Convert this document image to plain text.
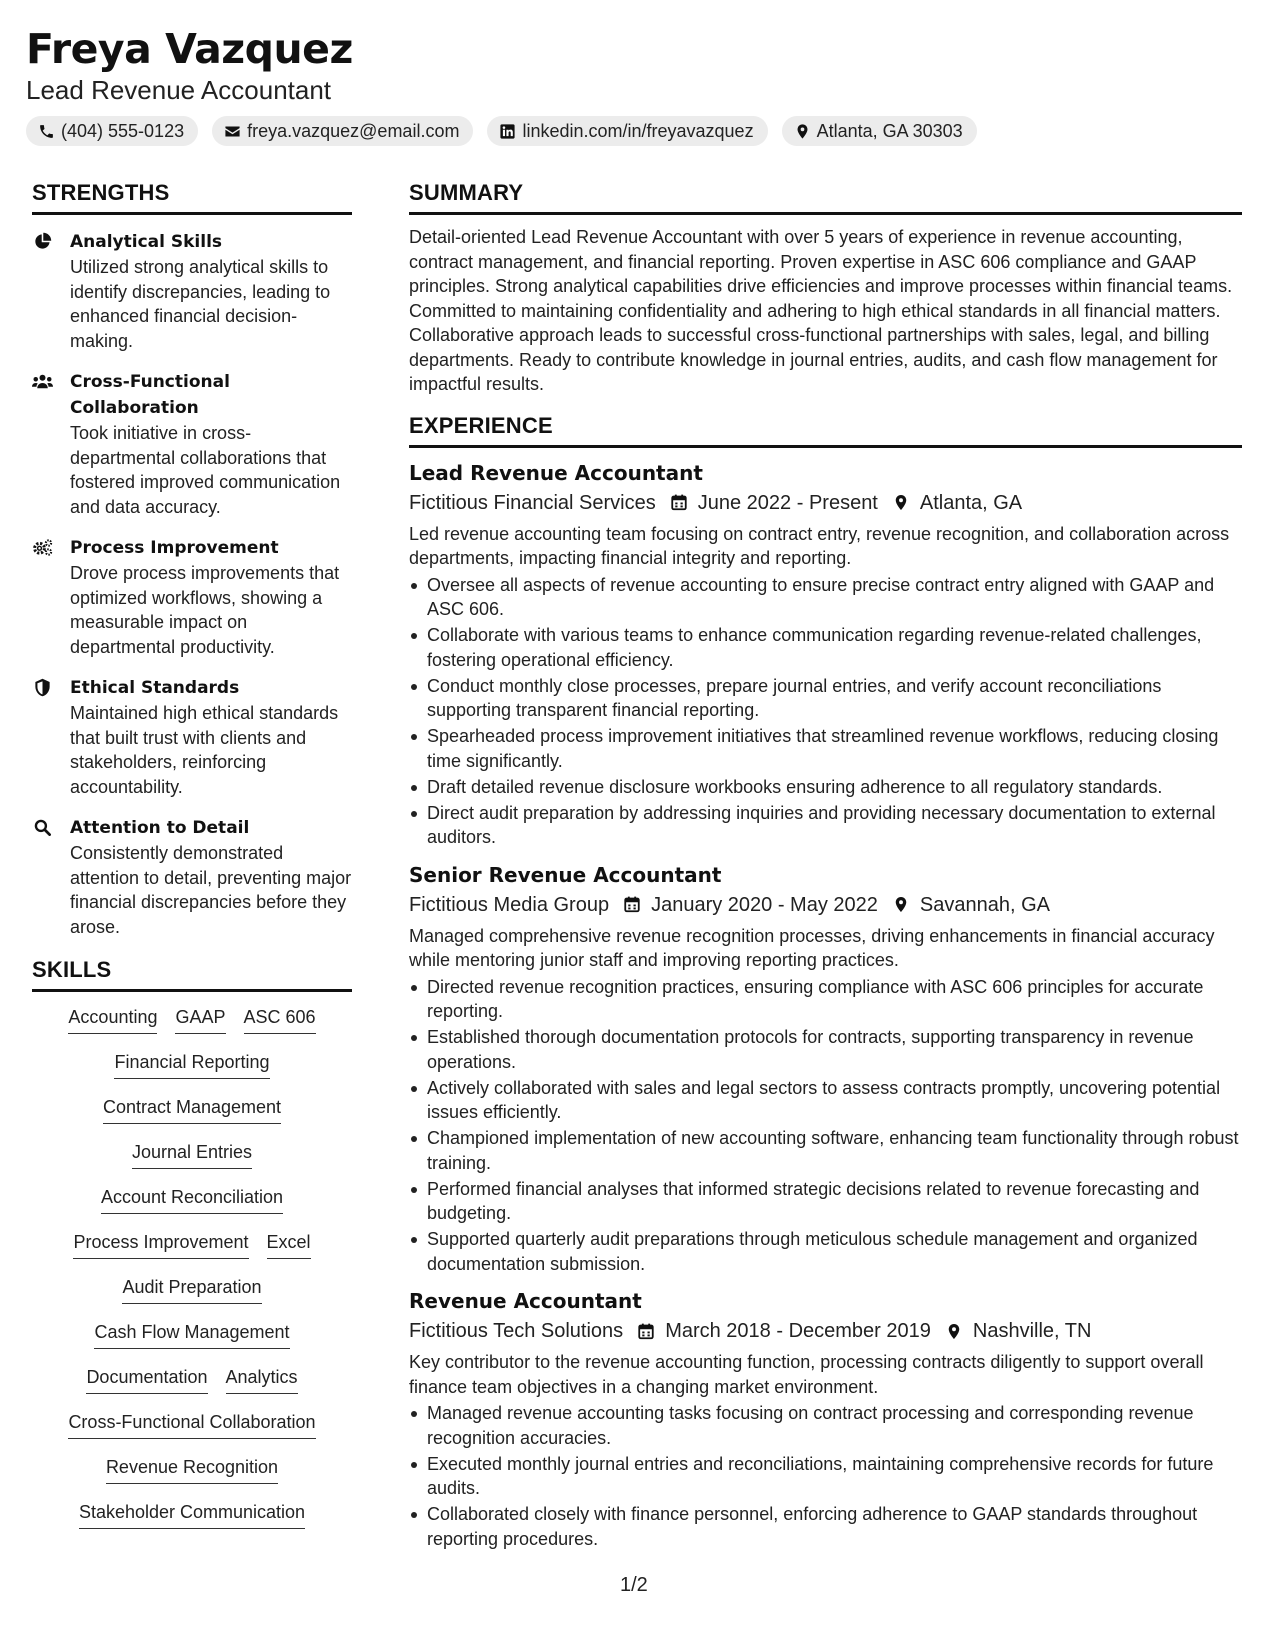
Freya Vazquez
Lead Revenue Accountant
(404) 555-0123	freya.vazquez@email.com	linkedin.com/in/freyavazquez	Atlanta, GA 30303
STRENGTHS
Analytical Skills
Utilized strong analytical skills to identify discrepancies, leading to enhanced financial decision-making.
Cross-Functional Collaboration
Took initiative in cross-departmental collaborations that fostered improved communication and data accuracy.
Process Improvement
Drove process improvements that optimized workflows, showing a measurable impact on departmental productivity.
Ethical Standards
Maintained high ethical standards that built trust with clients and stakeholders, reinforcing accountability.
Attention to Detail
Consistently demonstrated attention to detail, preventing major financial discrepancies before they arose.
SKILLS
Accounting GAAP ASC 606
Financial Reporting
Contract Management
Journal Entries
Account Reconciliation
Process Improvement Excel
Audit Preparation
Cash Flow Management
Documentation Analytics
Cross-Functional Collaboration
Revenue Recognition
Stakeholder Communication
SUMMARY
Detail-oriented Lead Revenue Accountant with over 5 years of experience in revenue accounting, contract management, and financial reporting. Proven expertise in ASC 606 compliance and GAAP principles. Strong analytical capabilities drive efficiencies and improve processes within financial teams. Committed to maintaining confidentiality and adhering to high ethical standards in all financial matters. Collaborative approach leads to successful cross-functional partnerships with sales, legal, and billing departments. Ready to contribute knowledge in journal entries, audits, and cash flow management for impactful results.
EXPERIENCE
Lead Revenue Accountant
Fictitious Financial Services June 2022 - Present Atlanta, GA
Led revenue accounting team focusing on contract entry, revenue recognition, and collaboration across departments, impacting financial integrity and reporting.
Oversee all aspects of revenue accounting to ensure precise contract entry aligned with GAAP and ASC 606.
Collaborate with various teams to enhance communication regarding revenue-related challenges, fostering operational efficiency.
Conduct monthly close processes, prepare journal entries, and verify account reconciliations supporting transparent financial reporting.
Spearheaded process improvement initiatives that streamlined revenue workflows, reducing closing time significantly.
Draft detailed revenue disclosure workbooks ensuring adherence to all regulatory standards.
Direct audit preparation by addressing inquiries and providing necessary documentation to external auditors.
Senior Revenue Accountant
Fictitious Media Group January 2020 - May 2022 Savannah, GA
Managed comprehensive revenue recognition processes, driving enhancements in financial accuracy while mentoring junior staff and improving reporting practices.
Directed revenue recognition practices, ensuring compliance with ASC 606 principles for accurate reporting.
Established thorough documentation protocols for contracts, supporting transparency in revenue operations.
Actively collaborated with sales and legal sectors to assess contracts promptly, uncovering potential issues efficiently.
Championed implementation of new accounting software, enhancing team functionality through robust training.
Performed financial analyses that informed strategic decisions related to revenue forecasting and budgeting.
Supported quarterly audit preparations through meticulous schedule management and organized documentation submission.
Revenue Accountant
Fictitious Tech Solutions March 2018 - December 2019 Nashville, TN
Key contributor to the revenue accounting function, processing contracts diligently to support overall finance team objectives in a changing market environment.
Managed revenue accounting tasks focusing on contract processing and corresponding revenue recognition accuracies.
Executed monthly journal entries and reconciliations, maintaining comprehensive records for future audits.
Collaborated closely with finance personnel, enforcing adherence to GAAP standards throughout reporting procedures.
1/2
